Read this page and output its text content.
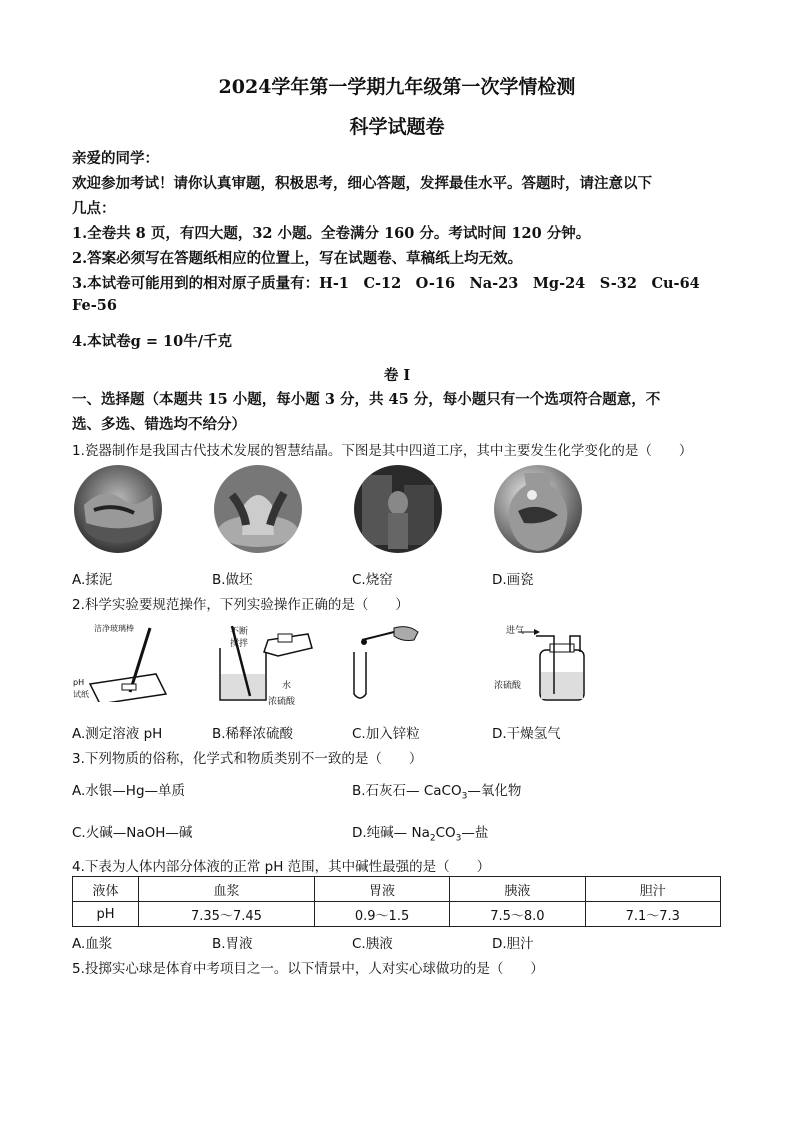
2024学年第一学期九年级第一次学情检测
科学试题卷
亲爱的同学：
欢迎参加考试！请你认真审题，积极思考，细心答题，发挥最佳水平。答题时，请注意以下
几点：
1.全卷共 8 页，有四大题，32 小题。全卷满分 160 分。考试时间 120 分钟。
2.答案必须写在答题纸相应的位置上，写在试题卷、草稿纸上均无效。
3.本试卷可能用到的相对原子质量有：H-1　C-12　O-16　Na-23　Mg-24　S-32　Cu-64
Fe-56
4.本试卷g = 10牛/千克
卷 I
一、选择题（本题共 15 小题，每小题 3 分，共 45 分，每小题只有一个选项符合题意，不
选、多选、错选均不给分）
1.瓷器制作是我国古代技术发展的智慧结晶。下图是其中四道工序，其中主要发生化学变化的是（　　）
A.揉泥	B.做坯	C.烧窑	D.画瓷
2.科学实验要规范操作，下列实验操作正确的是（　　）
洁净玻璃棒
pH
试纸
不断
搅拌
水
浓硫酸
进气
浓硫酸
A.测定溶液 pH	B.稀释浓硫酸	C.加入锌粒	D.干燥氢气
3.下列物质的俗称，化学式和物质类别不一致的是（　　）
A.水银—Hg—单质	B.石灰石— CaCO$_3$—氧化物
C.火碱—NaOH—碱	D.纯碱— $Na_2CO_3—$盐
4.下表为人体内部分体液的正常 pH 范围，其中碱性最强的是（　　）
液体	血浆	胃液	胰液	胆汁
pH	7.35～7.45	0.9～1.5	7.5～8.0	7.1～7.3
A.血浆	B.胃液	C.胰液	D.胆汁
5.投掷实心球是体育中考项目之一。以下情景中，人对实心球做功的是（　　）
